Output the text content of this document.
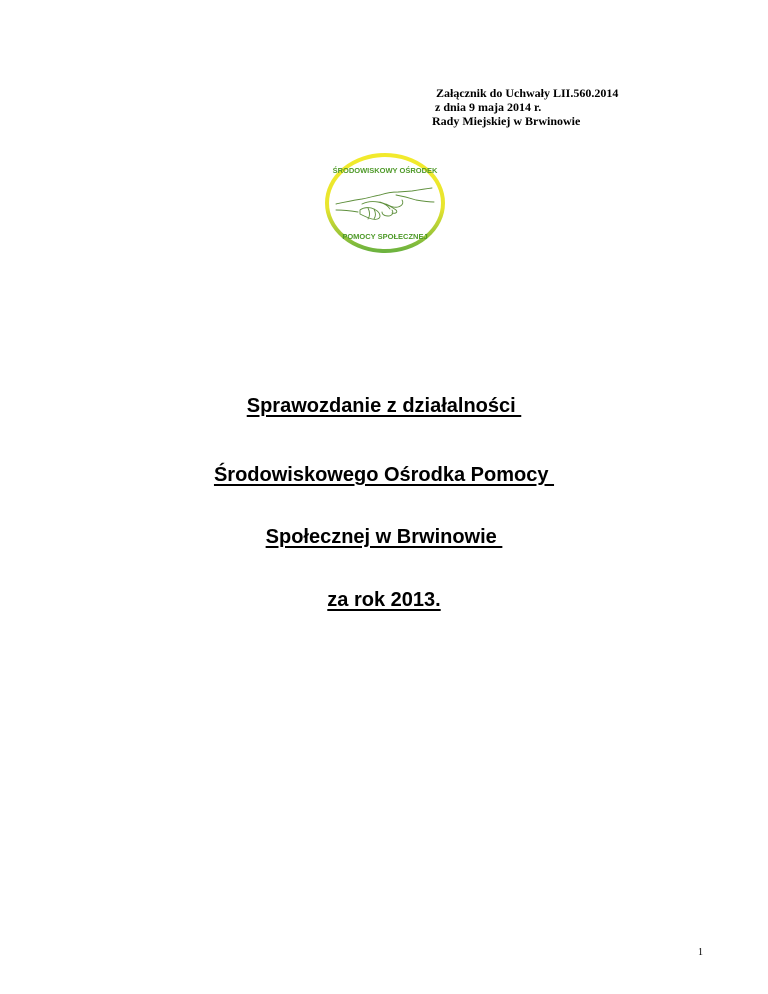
Załącznik do Uchwały LII.560.2014
z dnia 9 maja 2014 r.
Rady Miejskiej w Brwinowie
ŚRODOWISKOWY OŚRODEK
POMOCY SPOŁECZNEJ
Sprawozdanie z działalności
Środowiskowego Ośrodka Pomocy
Społecznej w Brwinowie
za rok 2013.
1
